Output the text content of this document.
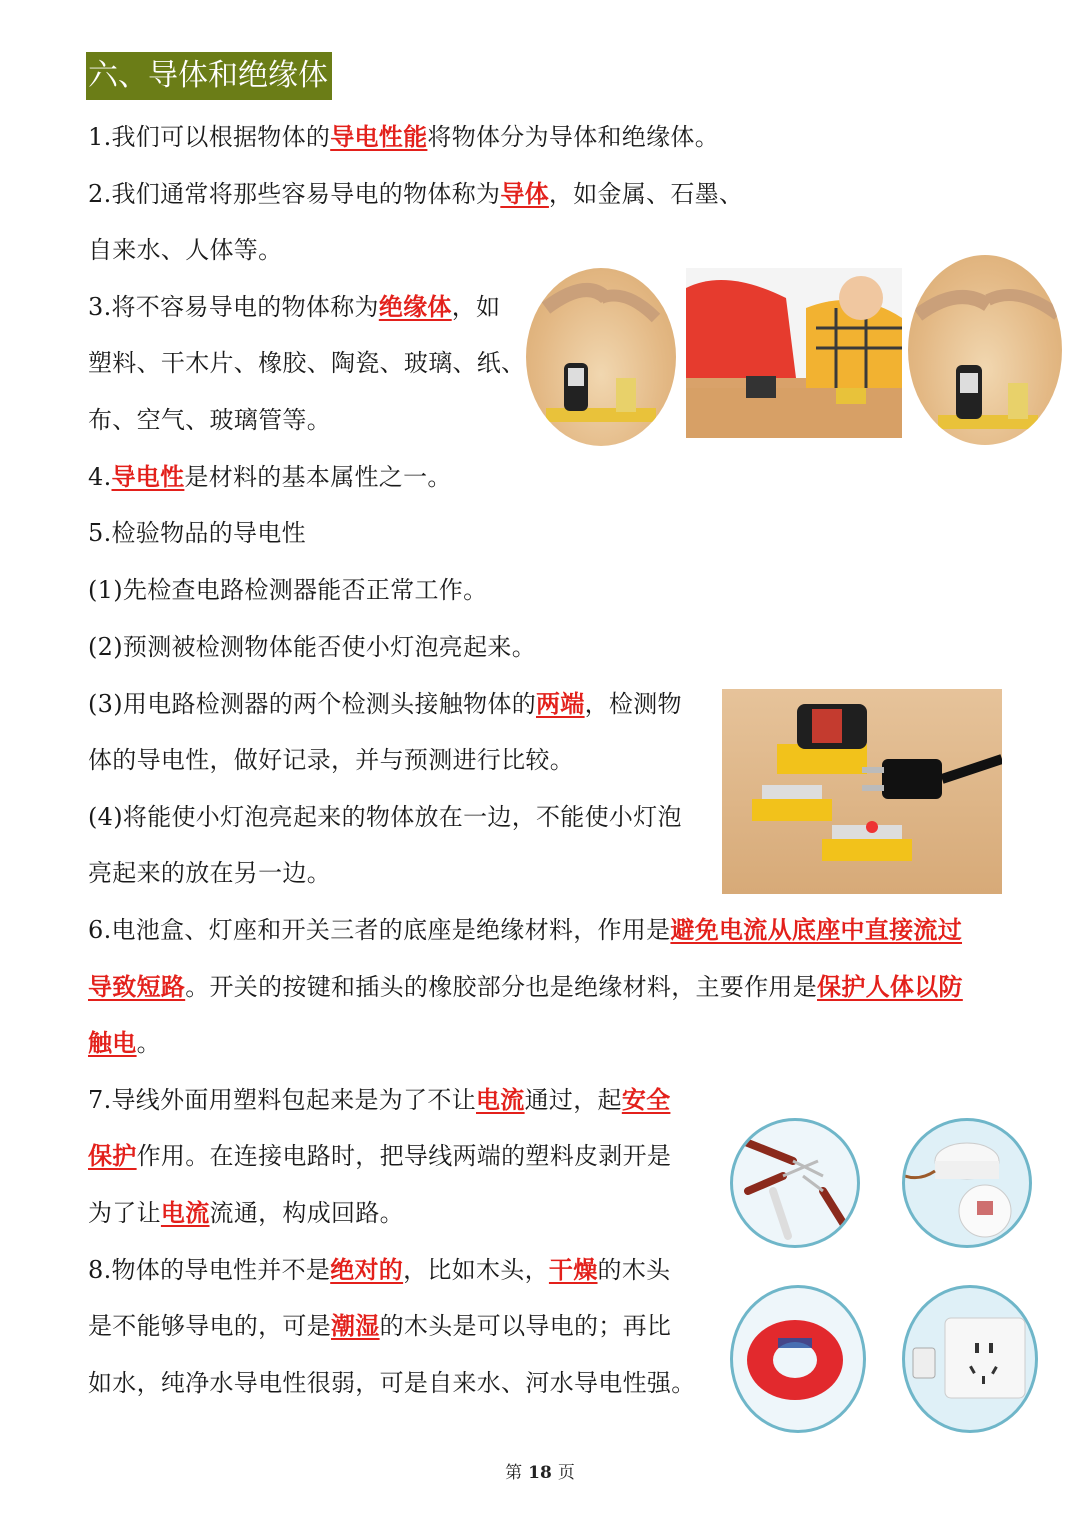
六、导体和绝缘体
1.我们可以根据物体的导电性能将物体分为导体和绝缘体。
2.我们通常将那些容易导电的物体称为导体，如金属、石墨、
自来水、人体等。
3.将不容易导电的物体称为绝缘体，如
塑料、干木片、橡胶、陶瓷、玻璃、纸、
布、空气、玻璃管等。
4.导电性是材料的基本属性之一。
5.检验物品的导电性
(1)先检查电路检测器能否正常工作。
(2)预测被检测物体能否使小灯泡亮起来。
(3)用电路检测器的两个检测头接触物体的两端，检测物
体的导电性，做好记录，并与预测进行比较。
(4)将能使小灯泡亮起来的物体放在一边，不能使小灯泡
亮起来的放在另一边。
6.电池盒、灯座和开关三者的底座是绝缘材料，作用是避免电流从底座中直接流过
导致短路。开关的按键和插头的橡胶部分也是绝缘材料，主要作用是保护人体以防
触电。
7.导线外面用塑料包起来是为了不让电流通过，起安全
保护作用。在连接电路时，把导线两端的塑料皮剥开是
为了让电流流通，构成回路。
8.物体的导电性并不是绝对的，比如木头，干燥的木头
是不能够导电的，可是潮湿的木头是可以导电的；再比
如水，纯净水导电性很弱，可是自来水、河水导电性强。
第 18 页
